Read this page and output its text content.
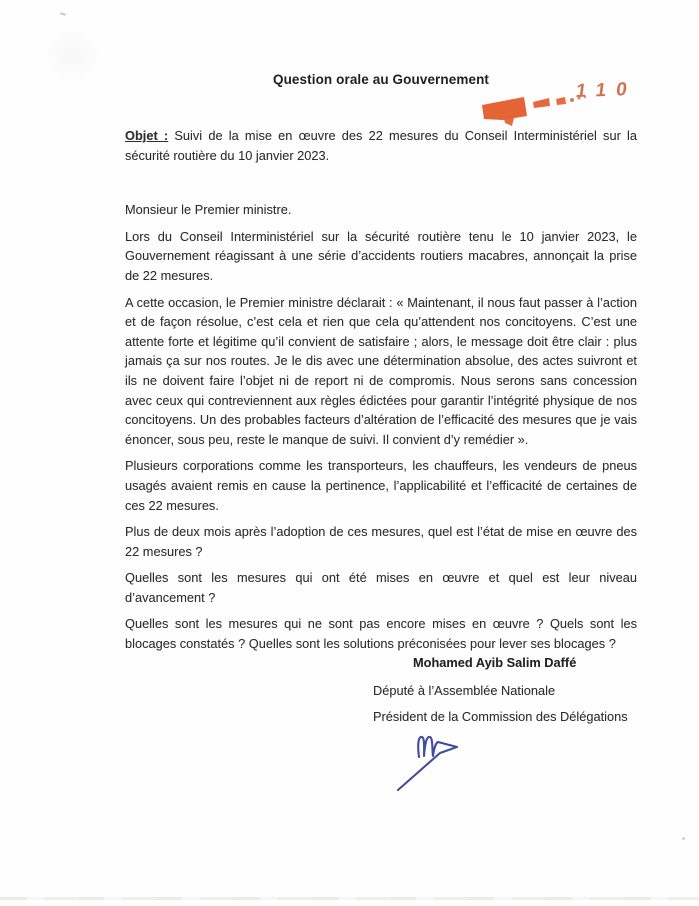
Question orale au Gouvernement	110

Objet : Suivi de la mise en œuvre des 22 mesures du Conseil Interministériel sur la sécurité routière du 10 janvier 2023.

Monsieur le Premier ministre.

Lors du Conseil Interministériel sur la sécurité routière tenu le 10 janvier 2023, le Gouvernement réagissant à une série d’accidents routiers macabres, annonçait la prise de 22 mesures.

A cette occasion, le Premier ministre déclarait : « Maintenant, il nous faut passer à l’action et de façon résolue, c’est cela et rien que cela qu’attendent nos concitoyens. C’est une attente forte et légitime qu’il convient de satisfaire ; alors, le message doit être clair : plus jamais ça sur nos routes. Je le dis avec une détermination absolue, des actes suivront et ils ne doivent faire l’objet ni de report ni de compromis. Nous serons sans concession avec ceux qui contreviennent aux règles édictées pour garantir l’intégrité physique de nos concitoyens. Un des probables facteurs d’altération de l’efficacité des mesures que je vais énoncer, sous peu, reste le manque de suivi. Il convient d’y remédier ».

Plusieurs corporations comme les transporteurs, les chauffeurs, les vendeurs de pneus usagés avaient remis en cause la pertinence, l’applicabilité et l’efficacité de certaines de ces 22 mesures.

Plus de deux mois après l’adoption de ces mesures, quel est l’état de mise en œuvre des 22 mesures ?

Quelles sont les mesures qui ont été mises en œuvre et quel est leur niveau d’avancement ?

Quelles sont les mesures qui ne sont pas encore mises en œuvre ? Quels sont les blocages constatés ? Quelles sont les solutions préconisées pour lever ses blocages ?

Mohamed Ayib Salim Daffé
Député à l’Assemblée Nationale
Président de la Commission des Délégations
